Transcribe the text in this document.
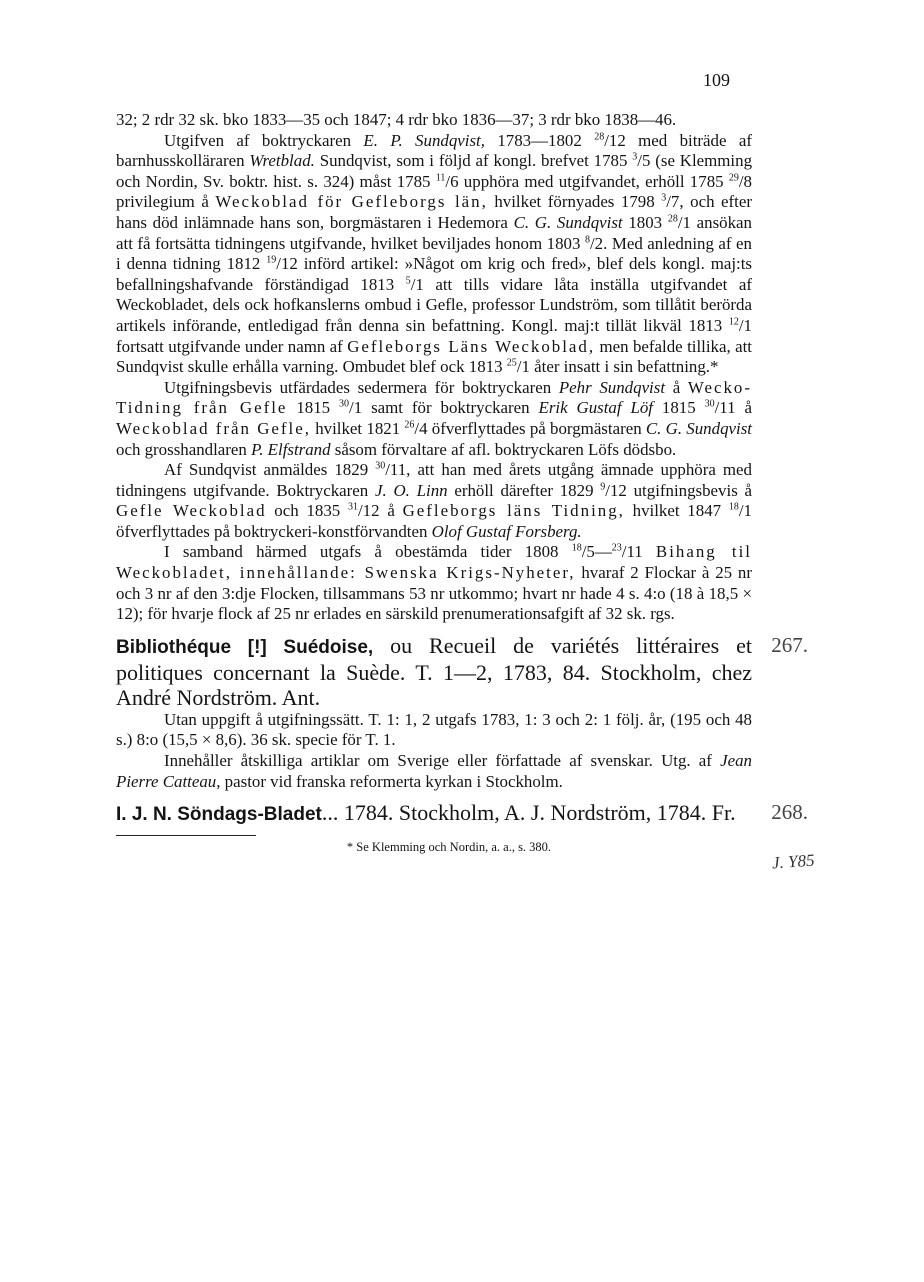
109

32; 2 rdr 32 sk. bko 1833—35 och 1847; 4 rdr bko 1836—37; 3 rdr bko 1838—46.

Utgifven af boktryckaren E. P. Sundqvist, 1783—1802 $^{28}$/12 med biträde af barnhusskolläraren Wretblad. Sundqvist, som i följd af kongl. brefvet 1785 $^3$/5 (se Klemming och Nordin, Sv. boktr. hist. s. 324) måst 1785 $^{11}$/6 upphöra med utgifvandet, erhöll 1785 $^{29}$/8 privilegium å Weckoblad för Gefleborgs län, hvilket förnyades 1798 $^3$/7, och efter hans död inlämnade hans son, borgmästaren i Hedemora C. G. Sundqvist 1803 $^{28}$/1 ansökan att få fortsätta tidningens utgifvande, hvilket beviljades honom 1803 $^8$/2. Med anledning af en i denna tidning 1812 $^{19}$/12 införd artikel: »Något om krig och fred», blef dels kongl. maj:ts befallningshafvande förständigad 1813 $^5$/1 att tills vidare låta inställa utgifvandet af Weckobladet, dels ock hofkanslerns ombud i Gefle, professor Lundström, som tillåtit berörda artikels införande, entledigad från denna sin befattning. Kongl. maj:t tillät likväl 1813 $^{12}$/1 fortsatt utgifvande under namn af Gefleborgs Läns Weckoblad, men befalde tillika, att Sundqvist skulle erhålla varning. Ombudet blef ock 1813 $^{25}$/1 åter insatt i sin befattning.*

Utgifningsbevis utfärdades sedermera för boktryckaren Pehr Sundqvist å Wecko-Tidning från Gefle 1815 $^{30}$/1 samt för boktryckaren Erik Gustaf Löf 1815 $^{30}$/11 å Weckoblad från Gefle, hvilket 1821 $^{26}$/4 öfverflyttades på borgmästaren C. G. Sundqvist och grosshandlaren P. Elfstrand såsom förvaltare af afl. boktryckaren Löfs dödsbo.

Af Sundqvist anmäldes 1829 $^{30}$/11, att han med årets utgång ämnade upphöra med tidningens utgifvande. Boktryckaren J. O. Linn erhöll därefter 1829 $^9$/12 utgifningsbevis å Gefle Weckoblad och 1835 $^{31}$/12 å Gefleborgs läns Tidning, hvilket 1847 $^{18}$/1 öfverflyttades på boktryckeri-konstförvandten Olof Gustaf Forsberg.

I samband härmed utgafs å obestämda tider 1808 $^{18}$/5—$^{23}$/11 Bihang til Weckobladet, innehållande: Swenska Krigs-Nyheter, hvaraf 2 Flockar à 25 nr och 3 nr af den 3:dje Flocken, tillsammans 53 nr utkommo; hvart nr hade 4 s. 4:o (18 à 18,5 × 12); för hvarje flock af 25 nr erlades en särskild prenumerationsafgift af 32 sk. rgs.

Bibliothéque [!] Suédoise, ou Recueil de variétés littéraires et politiques concernant la Suède. T. 1—2, 1783, 84. Stockholm, chez André Nordström. Ant.
267.

Utan uppgift å utgifningssätt. T. 1: 1, 2 utgafs 1783, 1: 3 och 2: 1 följ. år, (195 och 48 s.) 8:o (15,5 × 8,6). 36 sk. specie för T. 1.

Innehåller åtskilliga artiklar om Sverige eller författade af svenskar. Utg. af Jean Pierre Catteau, pastor vid franska reformerta kyrkan i Stockholm.

I. J. N. Söndags-Bladet... 1784. Stockholm, A. J. Nordström, 1784. Fr. 268.

* Se Klemming och Nordin, a. a., s. 380.
J. Y85
